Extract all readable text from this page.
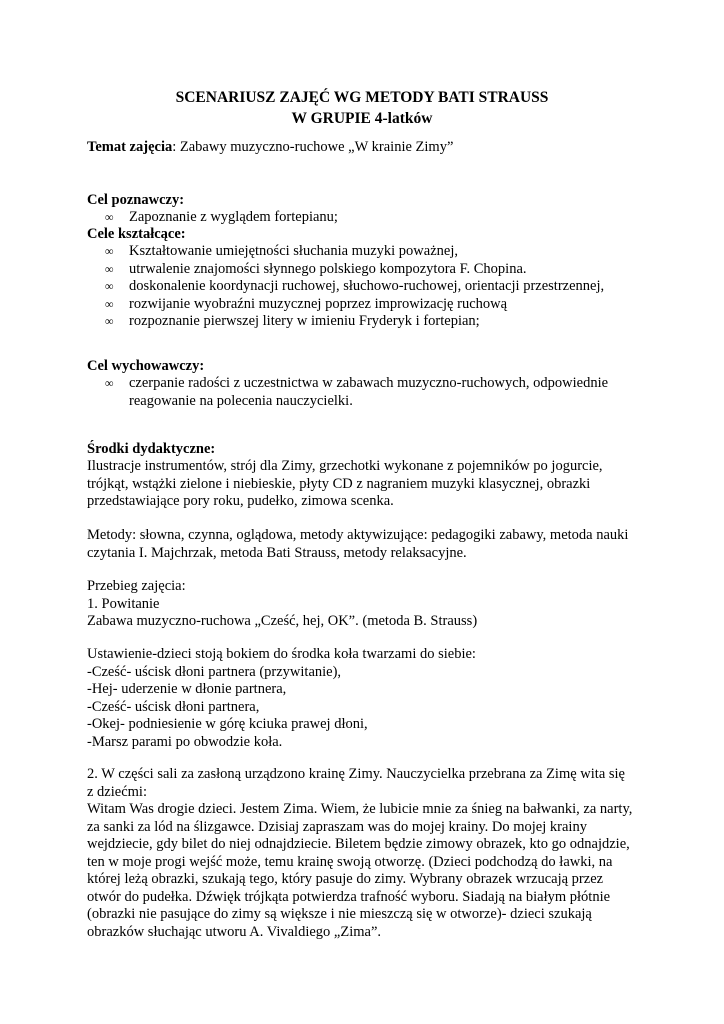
SCENARIUSZ ZAJĘĆ WG METODY BATI STRAUSS
W GRUPIE 4-latków
Temat zajęcia: Zabawy muzyczno-ruchowe „W krainie Zimy”
Cel poznawczy:
∞ Zapoznanie z wyglądem fortepianu;
Cele kształcące:
∞ Kształtowanie umiejętności słuchania muzyki poważnej,
∞ utrwalenie znajomości słynnego polskiego kompozytora F. Chopina.
∞ doskonalenie koordynacji ruchowej, słuchowo-ruchowej, orientacji przestrzennej,
∞ rozwijanie wyobraźni muzycznej poprzez improwizację ruchową
∞ rozpoznanie pierwszej litery w imieniu Fryderyk i fortepian;
Cel wychowawczy:
∞ czerpanie radości z uczestnictwa w zabawach muzyczno-ruchowych, odpowiednie
reagowanie na polecenia nauczycielki.
Środki dydaktyczne:
Ilustracje instrumentów, strój dla Zimy, grzechotki wykonane z pojemników po jogurcie,
trójkąt, wstążki zielone i niebieskie, płyty CD z nagraniem muzyki klasycznej, obrazki
przedstawiające pory roku, pudełko, zimowa scenka.
Metody: słowna, czynna, oglądowa, metody aktywizujące: pedagogiki zabawy, metoda nauki
czytania I. Majchrzak, metoda Bati Strauss, metody relaksacyjne.
Przebieg zajęcia:
1. Powitanie
Zabawa muzyczno-ruchowa „Cześć, hej, OK”. (metoda B. Strauss)
Ustawienie-dzieci stoją bokiem do środka koła twarzami do siebie:
-Cześć- uścisk dłoni partnera (przywitanie),
-Hej- uderzenie w dłonie partnera,
-Cześć- uścisk dłoni partnera,
-Okej- podniesienie w górę kciuka prawej dłoni,
-Marsz parami po obwodzie koła.
2. W części sali za zasłoną urządzono krainę Zimy. Nauczycielka przebrana za Zimę wita się
z dziećmi:
Witam Was drogie dzieci. Jestem Zima. Wiem, że lubicie mnie za śnieg na bałwanki, za narty,
za sanki za lód na ślizgawce. Dzisiaj zapraszam was do mojej krainy. Do mojej krainy
wejdziecie, gdy bilet do niej odnajdziecie. Biletem będzie zimowy obrazek, kto go odnajdzie,
ten w moje progi wejść może, temu krainę swoją otworzę. (Dzieci podchodzą do ławki, na
której leżą obrazki, szukają tego, który pasuje do zimy. Wybrany obrazek wrzucają przez
otwór do pudełka. Dźwięk trójkąta potwierdza trafność wyboru. Siadają na białym płótnie
(obrazki nie pasujące do zimy są większe i nie mieszczą się w otworze)- dzieci szukają
obrazków słuchając utworu A. Vivaldiego „Zima”.
